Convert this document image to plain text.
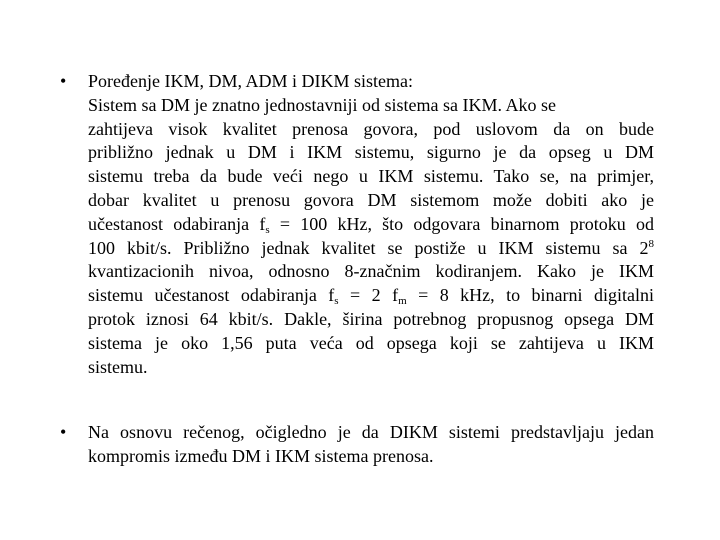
• Poređenje IKM, DM, ADM i DIKM sistema:
Sistem sa DM je znatno jednostavniji od sistema sa IKM. Ako se
zahtijeva visok kvalitet prenosa govora, pod uslovom da on bude
približno jednak u DM i IKM sistemu, sigurno je da opseg u DM
sistemu treba da bude veći nego u IKM sistemu. Tako se, na primjer,
dobar kvalitet u prenosu govora DM sistemom može dobiti ako je
učestanost odabiranja $f_s = 100$ kHz, što odgovara binarnom protoku od
100 kbit/s. Približno jednak kvalitet se postiže u IKM sistemu sa $2^8$
kvantizacionih nivoa, odnosno 8-značnim kodiranjem. Kako je IKM
sistemu učestanost odabiranja $f_s = 2$ $f_m = 8$ kHz, to binarni digitalni
protok iznosi 64 kbit/s. Dakle, širina potrebnog propusnog opsega DM
sistema je oko 1,56 puta veća od opsega koji se zahtijeva u IKM
sistemu.
• Na osnovu rečenog, očigledno je da DIKM sistemi predstavljaju jedan
kompromis između DM i IKM sistema prenosa.
